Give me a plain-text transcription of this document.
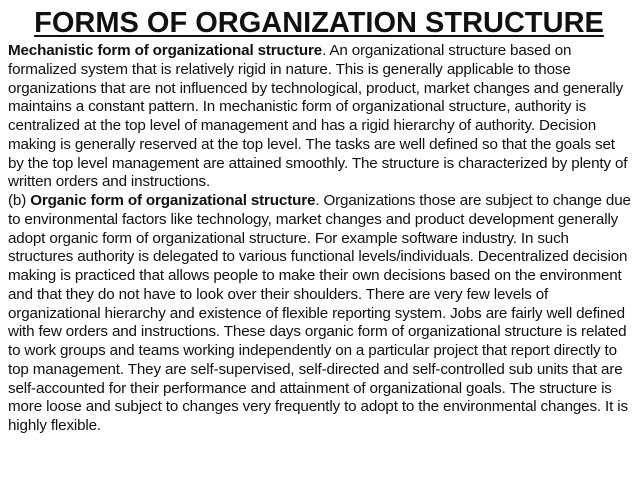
FORMS OF ORGANIZATION STRUCTURE

Mechanistic form of organizational structure. An organizational structure based on formalized system that is relatively rigid in nature. This is generally applicable to those organizations that are not influenced by technological, product, market changes and generally maintains a constant pattern. In mechanistic form of organizational structure, authority is centralized at the top level of management and has a rigid hierarchy of authority. Decision making is generally reserved at the top level. The tasks are well defined so that the goals set by the top level management are attained smoothly. The structure is characterized by plenty of written orders and instructions.

(b) Organic form of organizational structure. Organizations those are subject to change due to environmental factors like technology, market changes and product development generally adopt organic form of organizational structure. For example software industry. In such structures authority is delegated to various functional levels/individuals. Decentralized decision making is practiced that allows people to make their own decisions based on the environment and that they do not have to look over their shoulders. There are very few levels of organizational hierarchy and existence of flexible reporting system. Jobs are fairly well defined with few orders and instructions. These days organic form of organizational structure is related to work groups and teams working independently on a particular project that report directly to top management. They are self-supervised, self-directed and self-controlled sub units that are self-accounted for their performance and attainment of organizational goals. The structure is more loose and subject to changes very frequently to adopt to the environmental changes. It is highly flexible.
